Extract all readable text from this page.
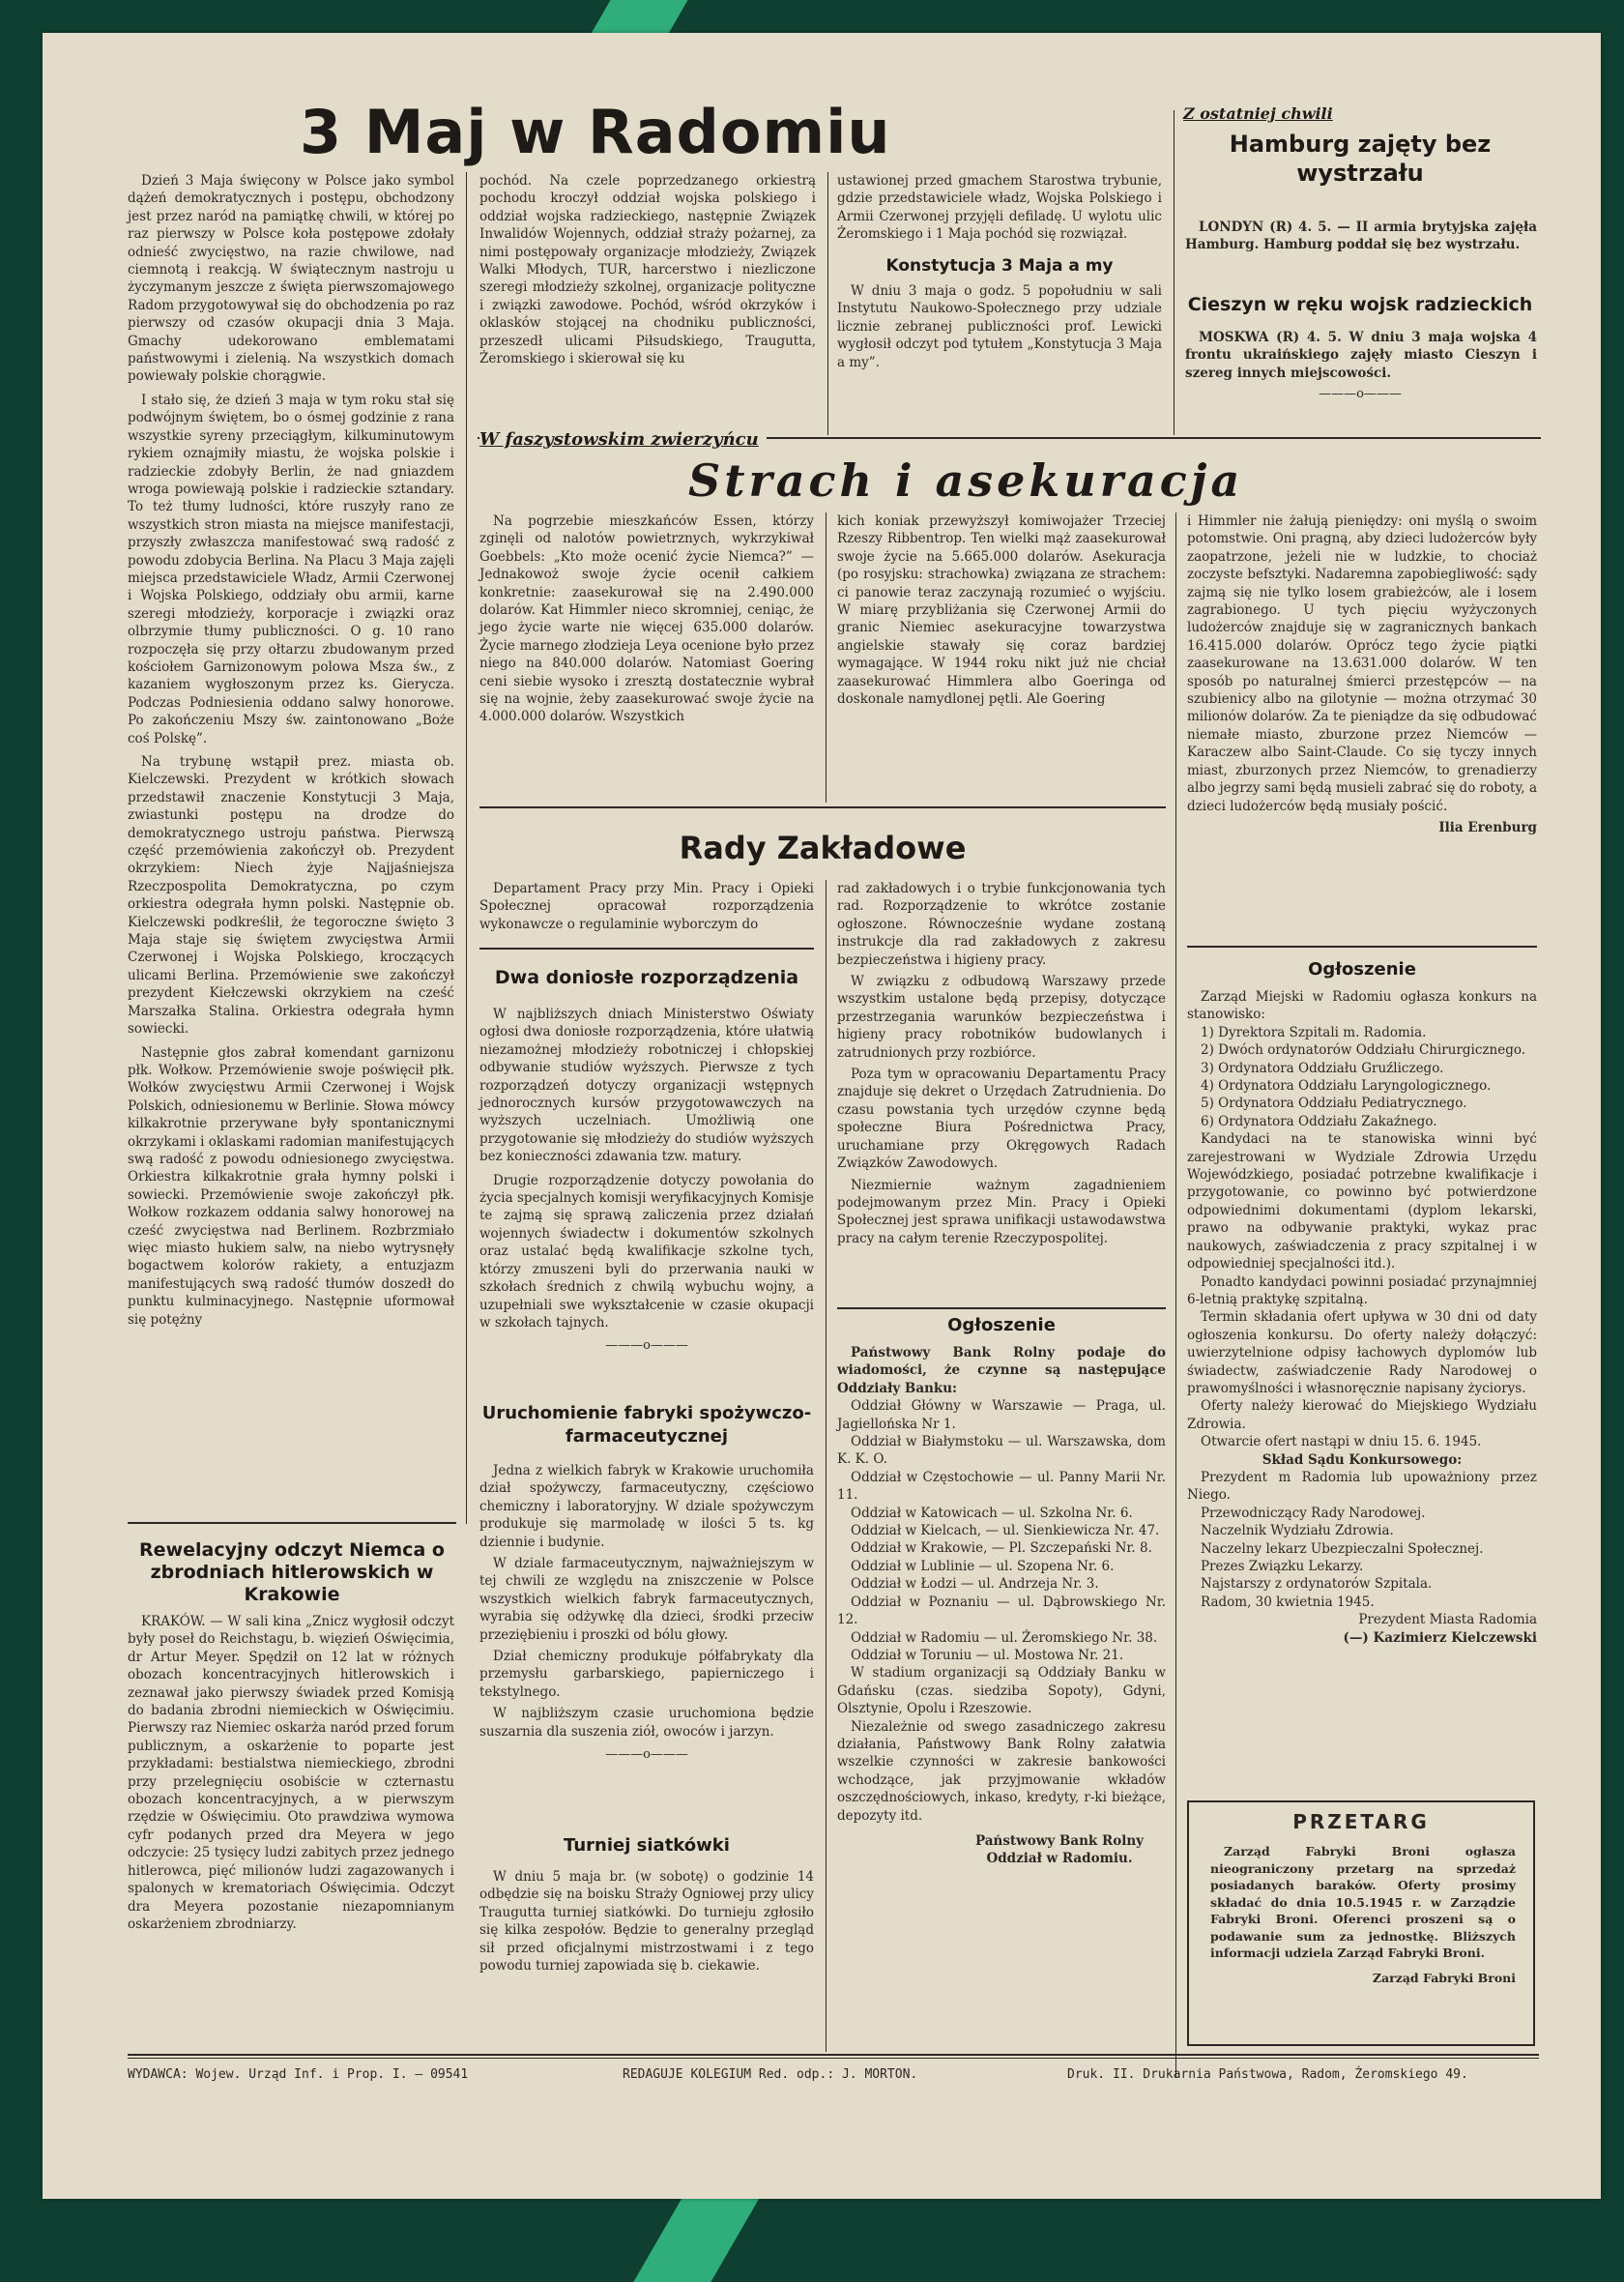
3 Maj w Radomiu

Dzień 3 Maja święcony w Polsce jako symbol dążeń demokratycznych i postępu, obchodzony jest przez naród na pamiątkę chwili, w której po raz pierwszy w Polsce koła postępowe zdołały odnieść zwycięstwo, na razie chwilowe, nad ciemnotą i reakcją. W świątecznym nastroju u życzymanym jeszcze z święta pierwszomajowego Radom przygotowywał się do obchodzenia po raz pierwszy od czasów okupacji dnia 3 Maja. Gmachy udekorowano emblematami państwowymi i zielenią. Na wszystkich domach powiewały polskie chorągwie.

I stało się, że dzień 3 maja w tym roku stał się podwójnym świętem, bo o ósmej godzinie z rana wszystkie syreny przeciągłym, kilkuminutowym rykiem oznajmiły miastu, że wojska polskie i radzieckie zdobyły Berlin, że nad gniazdem wroga powiewają polskie i radzieckie sztandary. To też tłumy ludności, które ruszyły rano ze wszystkich stron miasta na miejsce manifestacji, przyszły zwłaszcza manifestować swą radość z powodu zdobycia Berlina. Na Placu 3 Maja zajęli miejsca przedstawiciele Władz, Armii Czerwonej i Wojska Polskiego, oddziały obu armii, karne szeregi młodzieży, korporacje i związki oraz olbrzymie tłumy publiczności. O g. 10 rano rozpoczęła się przy ołtarzu zbudowanym przed kościołem Garnizonowym polowa Msza św., z kazaniem wygłoszonym przez ks. Gierycza. Podczas Podniesienia oddano salwy honorowe. Po zakończeniu Mszy św. zaintonowano „Boże coś Polskę”.

Na trybunę wstąpił prez. miasta ob. Kielczewski. Prezydent w krótkich słowach przedstawił znaczenie Konstytucji 3 Maja, zwiastunki postępu na drodze do demokratycznego ustroju państwa. Pierwszą część przemówienia zakończył ob. Prezydent okrzykiem: Niech żyje Najjaśniejsza Rzeczpospolita Demokratyczna, po czym orkiestra odegrała hymn polski. Następnie ob. Kielczewski podkreślił, że tegoroczne święto 3 Maja staje się świętem zwycięstwa Armii Czerwonej i Wojska Polskiego, kroczących ulicami Berlina. Przemówienie swe zakończył prezydent Kiełczewski okrzykiem na cześć Marszałka Stalina. Orkiestra odegrała hymn sowiecki.

Następnie głos zabrał komendant garnizonu płk. Wołkow. Przemówienie swoje poświęcił płk. Wołków zwycięstwu Armii Czerwonej i Wojsk Polskich, odniesionemu w Berlinie. Słowa mówcy kilkakrotnie przerywane były spontanicznymi okrzykami i oklaskami radomian manifestujących swą radość z powodu odniesionego zwycięstwa. Orkiestra kilkakrotnie grała hymny polski i sowiecki. Przemówienie swoje zakończył płk. Wołkow rozkazem oddania salwy honorowej na cześć zwycięstwa nad Berlinem. Rozbrzmiało więc miasto hukiem salw, na niebo wytrysnęły bogactwem kolorów rakiety, a entuzjazm manifestujących swą radość tłumów doszedł do punktu kulminacyjnego. Następnie uformował się potężny

Rewelacyjny odczyt Niemca o zbrodniach hitlerowskich w Krakowie

KRAKÓW. — W sali kina „Znicz wygłosił odczyt były poseł do Reichstagu, b. więzień Oświęcimia, dr Artur Meyer. Spędził on 12 lat w różnych obozach koncentracyjnych hitlerowskich i zeznawał jako pierwszy świadek przed Komisją do badania zbrodni niemieckich w Oświęcimiu. Pierwszy raz Niemiec oskarża naród przed forum publicznym, a oskarżenie to poparte jest przykładami: bestialstwa niemieckiego, zbrodni przy przelegnięciu osobiście w czternastu obozach koncentracyjnych, a w pierwszym rzędzie w Oświęcimiu. Oto prawdziwa wymowa cyfr podanych przed dra Meyera w jego odczycie: 25 tysięcy ludzi zabitych przez jednego hitlerowca, pięć milionów ludzi zagazowanych i spalonych w krematoriach Oświęcimia. Odczyt dra Meyera pozostanie niezapomnianym oskarżeniem zbrodniarzy.

pochód. Na czele poprzedzanego orkiestrą pochodu kroczył oddział wojska polskiego i oddział wojska radzieckiego, następnie Związek Inwalidów Wojennych, oddział straży pożarnej, za nimi postępowały organizacje młodzieży, Związek Walki Młodych, TUR, harcerstwo i niezliczone szeregi młodzieży szkolnej, organizacje polityczne i związki zawodowe. Pochód, wśród okrzyków i oklasków stojącej na chodniku publiczności, przeszedł ulicami Piłsudskiego, Traugutta, Żeromskiego i skierował się ku

ustawionej przed gmachem Starostwa trybunie, gdzie przedstawiciele władz, Wojska Polskiego i Armii Czerwonej przyjęli defiladę. U wylotu ulic Żeromskiego i 1 Maja pochód się rozwiązał.

Konstytucja 3 Maja a my

W dniu 3 maja o godz. 5 popołudniu w sali Instytutu Naukowo-Społecznego przy udziale licznie zebranej publiczności prof. Lewicki wygłosił odczyt pod tytułem „Konstytucja 3 Maja a my”.

Z ostatniej chwili
Hamburg zajęty bez wystrzału

LONDYN (R) 4. 5. — II armia brytyjska zajęła Hamburg. Hamburg poddał się bez wystrzału.

Cieszyn w ręku wojsk radzieckich

MOSKWA (R) 4. 5. W dniu 3 maja wojska 4 frontu ukraińskiego zajęły miasto Cieszyn i szereg innych miejscowości.

———o———
W faszystowskim zwierzyńcu
Strach i asekuracja

Na pogrzebie mieszkańców Essen, którzy zginęli od nalotów powietrznych, wykrzykiwał Goebbels: „Kto może ocenić życie Niemca?” — Jednakowoż swoje życie ocenił całkiem konkretnie: zaasekurował się na 2.490.000 dolarów. Kat Himmler nieco skromniej, ceniąc, że jego życie warte nie więcej 635.000 dolarów. Życie marnego złodzieja Leya ocenione było przez niego na 840.000 dolarów. Natomiast Goering ceni siebie wysoko i zresztą dostatecznie wybrał się na wojnie, żeby zaasekurować swoje życie na 4.000.000 dolarów. Wszystkich

kich koniak przewyższył komiwojażer Trzeciej Rzeszy Ribbentrop. Ten wielki mąż zaasekurował swoje życie na 5.665.000 dolarów. Asekuracja (po rosyjsku: strachowka) związana ze strachem: ci panowie teraz zaczynają rozumieć o wyjściu. W miarę przybliżania się Czerwonej Armii do granic Niemiec asekuracyjne towarzystwa angielskie stawały się coraz bardziej wymagające. W 1944 roku nikt już nie chciał zaasekurować Himmlera albo Goeringa od doskonale namydlonej pętli. Ale Goering

i Himmler nie żałują pieniędzy: oni myślą o swoim potomstwie. Oni pragną, aby dzieci ludożerców były zaopatrzone, jeżeli nie w ludzkie, to chociaż zoczyste befsztyki. Nadaremna zapobiegliwość: sądy zajmą się nie tylko losem grabieżców, ale i losem zagrabionego. U tych pięciu wyżyczonych ludożerców znajduje się w zagranicznych bankach 16.415.000 dolarów. Oprócz tego życie piątki zaasekurowane na 13.631.000 dolarów. W ten sposób po naturalnej śmierci przestępców — na szubienicy albo na gilotynie — można otrzymać 30 milionów dolarów. Za te pieniądze da się odbudować niemałe miasto, zburzone przez Niemców — Karaczew albo Saint-Claude. Co się tyczy innych miast, zburzonych przez Niemców, to grenadierzy albo jegrzy sami będą musieli zabrać się do roboty, a dzieci ludożerców będą musiały pościć.

Ilia Erenburg
Rady Zakładowe

Departament Pracy przy Min. Pracy i Opieki Społecznej opracował rozporządzenia wykonawcze o regulaminie wyborczym do

rad zakładowych i o trybie funkcjonowania tych rad. Rozporządzenie to wkrótce zostanie ogłoszone. Równocześnie wydane zostaną instrukcje dla rad zakładowych z zakresu bezpieczeństwa i higieny pracy.

W związku z odbudową Warszawy przede wszystkim ustalone będą przepisy, dotyczące przestrzegania warunków bezpieczeństwa i higieny pracy robotników budowlanych i zatrudnionych przy rozbiórce.

Poza tym w opracowaniu Departamentu Pracy znajduje się dekret o Urzędach Zatrudnienia. Do czasu powstania tych urzędów czynne będą społeczne Biura Pośrednictwa Pracy, uruchamiane przy Okręgowych Radach Związków Zawodowych.

Niezmiernie ważnym zagadnieniem podejmowanym przez Min. Pracy i Opieki Społecznej jest sprawa unifikacji ustawodawstwa pracy na całym terenie Rzeczypospolitej.

Dwa doniosłe rozporządzenia

W najbliższych dniach Ministerstwo Oświaty ogłosi dwa doniosłe rozporządzenia, które ułatwią niezamożnej młodzieży robotniczej i chłopskiej odbywanie studiów wyższych. Pierwsze z tych rozporządzeń dotyczy organizacji wstępnych jednorocznych kursów przygotowawczych na wyższych uczelniach. Umożliwią one przygotowanie się młodzieży do studiów wyższych bez konieczności zdawania tzw. matury.

Drugie rozporządzenie dotyczy powołania do życia specjalnych komisji weryfikacyjnych Komisje te zajmą się sprawą zaliczenia przez działań wojennych świadectw i dokumentów szkolnych oraz ustalać będą kwalifikacje szkolne tych, którzy zmuszeni byli do przerwania nauki w szkołach średnich z chwilą wybuchu wojny, a uzupełniali swe wykształcenie w czasie okupacji w szkołach tajnych.

———o———
Uruchomienie fabryki spożywczo-farmaceutycznej

Jedna z wielkich fabryk w Krakowie uruchomiła dział spożywczy, farmaceutyczny, częściowo chemiczny i laboratoryjny. W dziale spożywczym produkuje się marmoladę w ilości 5 ts. kg dziennie i budynie.

W dziale farmaceutycznym, najważniejszym w tej chwili ze względu na zniszczenie w Polsce wszystkich wielkich fabryk farmaceutycznych, wyrabia się odżywkę dla dzieci, środki przeciw przeziębieniu i proszki od bólu głowy.

Dział chemiczny produkuje półfabrykaty dla przemysłu garbarskiego, papierniczego i tekstylnego.

W najbliższym czasie uruchomiona będzie suszarnia dla suszenia ziół, owoców i jarzyn.

———o———
Turniej siatkówki

W dniu 5 maja br. (w sobotę) o godzinie 14 odbędzie się na boisku Straży Ogniowej przy ulicy Traugutta turniej siatkówki. Do turnieju zgłosiło się kilka zespołów. Będzie to generalny przegląd sił przed oficjalnymi mistrzostwami i z tego powodu turniej zapowiada się b. ciekawie.

Ogłoszenie

Państwowy Bank Rolny podaje do wiadomości, że czynne są następujące Oddziały Banku:

Oddział Główny w Warszawie — Praga, ul. Jagiellońska Nr 1.

Oddział w Białymstoku — ul. Warszawska, dom K. K. O.

Oddział w Częstochowie — ul. Panny Marii Nr. 11.

Oddział w Katowicach — ul. Szkolna Nr. 6.

Oddział w Kielcach, — ul. Sienkiewicza Nr. 47.

Oddział w Krakowie, — Pl. Szczepański Nr. 8.

Oddział w Lublinie — ul. Szopena Nr. 6.

Oddział w Łodzi — ul. Andrzeja Nr. 3.

Oddział w Poznaniu — ul. Dąbrowskiego Nr. 12.

Oddział w Radomiu — ul. Żeromskiego Nr. 38.

Oddział w Toruniu — ul. Mostowa Nr. 21.

W stadium organizacji są Oddziały Banku w Gdańsku (czas. siedziba Sopoty), Gdyni, Olsztynie, Opolu i Rzeszowie.

Niezależnie od swego zasadniczego zakresu działania, Państwowy Bank Rolny załatwia wszelkie czynności w zakresie bankowości wchodzące, jak przyjmowanie wkładów oszczędnościowych, inkaso, kredyty, r-ki bieżące, depozyty itd.

Państwowy Bank Rolny
Oddział w Radomiu.
Ogłoszenie

Zarząd Miejski w Radomiu ogłasza konkurs na stanowisko:

1) Dyrektora Szpitali m. Radomia.

2) Dwóch ordynatorów Oddziału Chirurgicznego.

3) Ordynatora Oddziału Gruźliczego.

4) Ordynatora Oddziału Laryngologicznego.

5) Ordynatora Oddziału Pediatrycznego.

6) Ordynatora Oddziału Zakaźnego.

Kandydaci na te stanowiska winni być zarejestrowani w Wydziale Zdrowia Urzędu Wojewódzkiego, posiadać potrzebne kwalifikacje i przygotowanie, co powinno być potwierdzone odpowiednimi dokumentami (dyplom lekarski, prawo na odbywanie praktyki, wykaz prac naukowych, zaświadczenia z pracy szpitalnej i w odpowiedniej specjalności itd.).

Ponadto kandydaci powinni posiadać przynajmniej 6-letnią praktykę szpitalną.

Termin składania ofert upływa w 30 dni od daty ogłoszenia konkursu. Do oferty należy dołączyć: uwierzytelnione odpisy łachowych dyplomów lub świadectw, zaświadczenie Rady Narodowej o prawomyślności i własnoręcznie napisany życiorys.

Oferty należy kierować do Miejskiego Wydziału Zdrowia.

Otwarcie ofert nastąpi w dniu 15. 6. 1945.

Skład Sądu Konkursowego:

Prezydent m Radomia lub upoważniony przez Niego.

Przewodniczący Rady Narodowej.

Naczelnik Wydziału Zdrowia.

Naczelny lekarz Ubezpieczalni Społecznej.

Prezes Związku Lekarzy.

Najstarszy z ordynatorów Szpitala.

Radom, 30 kwietnia 1945.

Prezydent Miasta Radomia
(—) Kazimierz Kielczewski
PRZETARG

Zarząd Fabryki Broni ogłasza nieograniczony przetarg na sprzedaż posiadanych baraków. Oferty prosimy składać do dnia 10.5.1945 r. w Zarządzie Fabryki Broni. Oferenci proszeni są o podawanie sum za jednostkę. Bliższych informacji udziela Zarząd Fabryki Broni.

Zarząd Fabryki Broni
WYDAWCA: Wojew. Urząd Inf. i Prop. I. — 09541	REDAGUJE KOLEGIUM Red. odp.: J. MORTON.	Druk. II. Drukarnia Państwowa, Radom, Żeromskiego 49.
